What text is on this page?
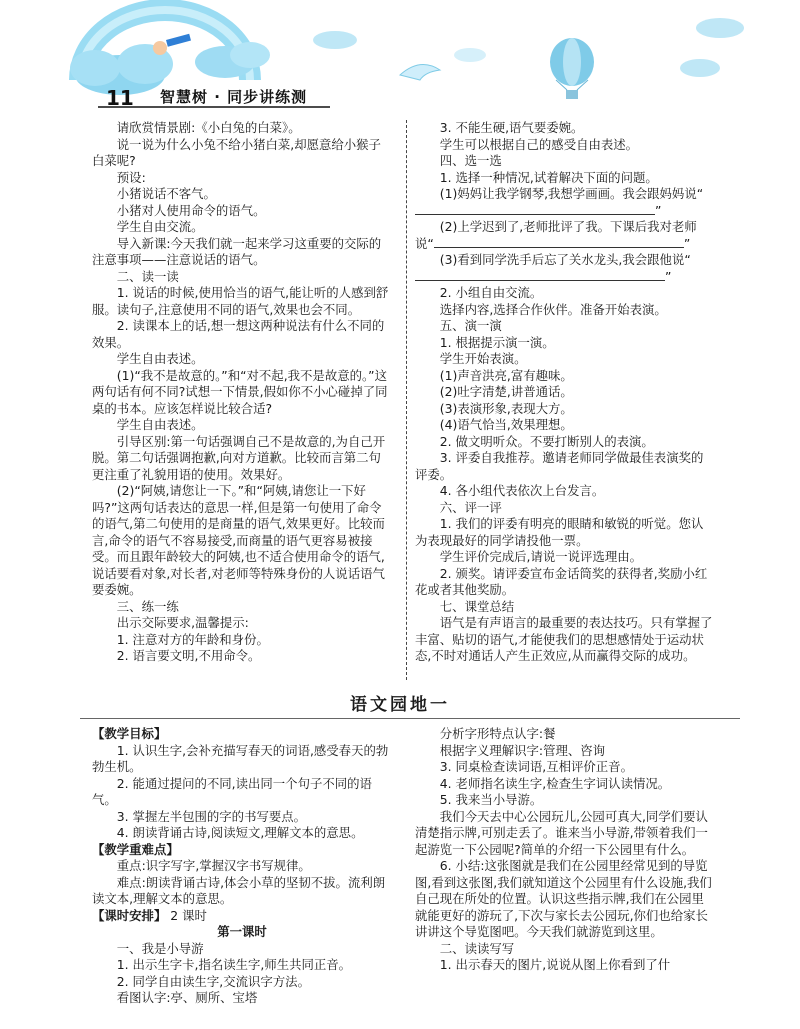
11 智慧树 · 同步讲练测

请欣赏情景剧:《小白兔的白菜》。

说一说为什么小兔不给小猪白菜,却愿意给小猴子白菜呢?

预设:

小猪说话不客气。

小猪对人使用命令的语气。

学生自由交流。

导入新课:今天我们就一起来学习这重要的交际的注意事项——注意说话的语气。

二、读一读

1. 说话的时候,使用恰当的语气,能让听的人感到舒服。读句子,注意使用不同的语气,效果也会不同。

2. 读课本上的话,想一想这两种说法有什么不同的效果。

学生自由表述。

(1)“我不是故意的。”和“对不起,我不是故意的。”这两句话有何不同?试想一下情景,假如你不小心碰掉了同桌的书本。应该怎样说比较合适?

学生自由表述。

引导区别:第一句话强调自己不是故意的,为自己开脱。第二句话强调抱歉,向对方道歉。比较而言第二句更注重了礼貌用语的使用。效果好。

(2)“阿姨,请您让一下。”和“阿姨,请您让一下好吗?”这两句话表达的意思一样,但是第一句使用了命令的语气,第二句使用的是商量的语气,效果更好。比较而言,命令的语气不容易接受,而商量的语气更容易被接受。而且跟年龄较大的阿姨,也不适合使用命令的语气,说话要看对象,对长者,对老师等特殊身份的人说话语气要委婉。

三、练一练

出示交际要求,温馨提示:

1. 注意对方的年龄和身份。

2. 语言要文明,不用命令。

3. 不能生硬,语气要委婉。

学生可以根据自己的感受自由表述。

四、选一选

1. 选择一种情况,试着解决下面的问题。

(1)妈妈让我学钢琴,我想学画画。我会跟妈妈说“”

(2)上学迟到了,老师批评了我。下课后我对老师说“	”

(3)看到同学洗手后忘了关水龙头,我会跟他说“”

2. 小组自由交流。

选择内容,选择合作伙伴。准备开始表演。

五、演一演

1. 根据提示演一演。

学生开始表演。

(1)声音洪亮,富有趣味。

(2)吐字清楚,讲普通话。

(3)表演形象,表现大方。

(4)语气恰当,效果理想。

2. 做文明听众。不要打断别人的表演。

3. 评委自我推荐。邀请老师同学做最佳表演奖的评委。

4. 各小组代表依次上台发言。

六、评一评

1. 我们的评委有明亮的眼睛和敏锐的听觉。您认为表现最好的同学请投他一票。

学生评价完成后,请说一说评选理由。

2. 颁奖。请评委宣布金话筒奖的获得者,奖励小红花或者其他奖励。

七、课堂总结

语气是有声语言的最重要的表达技巧。只有掌握了丰富、贴切的语气,才能使我们的思想感情处于运动状态,不时对通话人产生正效应,从而赢得交际的成功。

语文园地一

【教学目标】

1. 认识生字,会补充描写春天的词语,感受春天的勃勃生机。

2. 能通过提问的不同,读出同一个句子不同的语气。

3. 掌握左半包围的字的书写要点。

4. 朗读背诵古诗,阅读短文,理解文本的意思。

【教学重难点】

重点:识字写字,掌握汉字书写规律。

难点:朗读背诵古诗,体会小草的坚韧不拔。流利朗读文本,理解文本的意思。

【课时安排】 2 课时

第一课时

一、我是小导游

1. 出示生字卡,指名读生字,师生共同正音。

2. 同学自由读生字,交流识字方法。

看图认字:亭、厕所、宝塔

分析字形特点认字:餐

根据字义理解识字:管理、咨询

3. 同桌检查读词语,互相评价正音。

4. 老师指名读生字,检查生字词认读情况。

5. 我来当小导游。

我们今天去中心公园玩儿,公园可真大,同学们要认清楚指示牌,可别走丢了。谁来当小导游,带领着我们一起游览一下公园呢?简单的介绍一下公园里有什么。

6. 小结:这张图就是我们在公园里经常见到的导览图,看到这张图,我们就知道这个公园里有什么设施,我们自己现在所处的位置。认识这些指示牌,我们在公园里就能更好的游玩了,下次与家长去公园玩,你们也给家长讲讲这个导览图吧。今天我们就游览到这里。

二、读读写写

1. 出示春天的图片,说说从图上你看到了什
